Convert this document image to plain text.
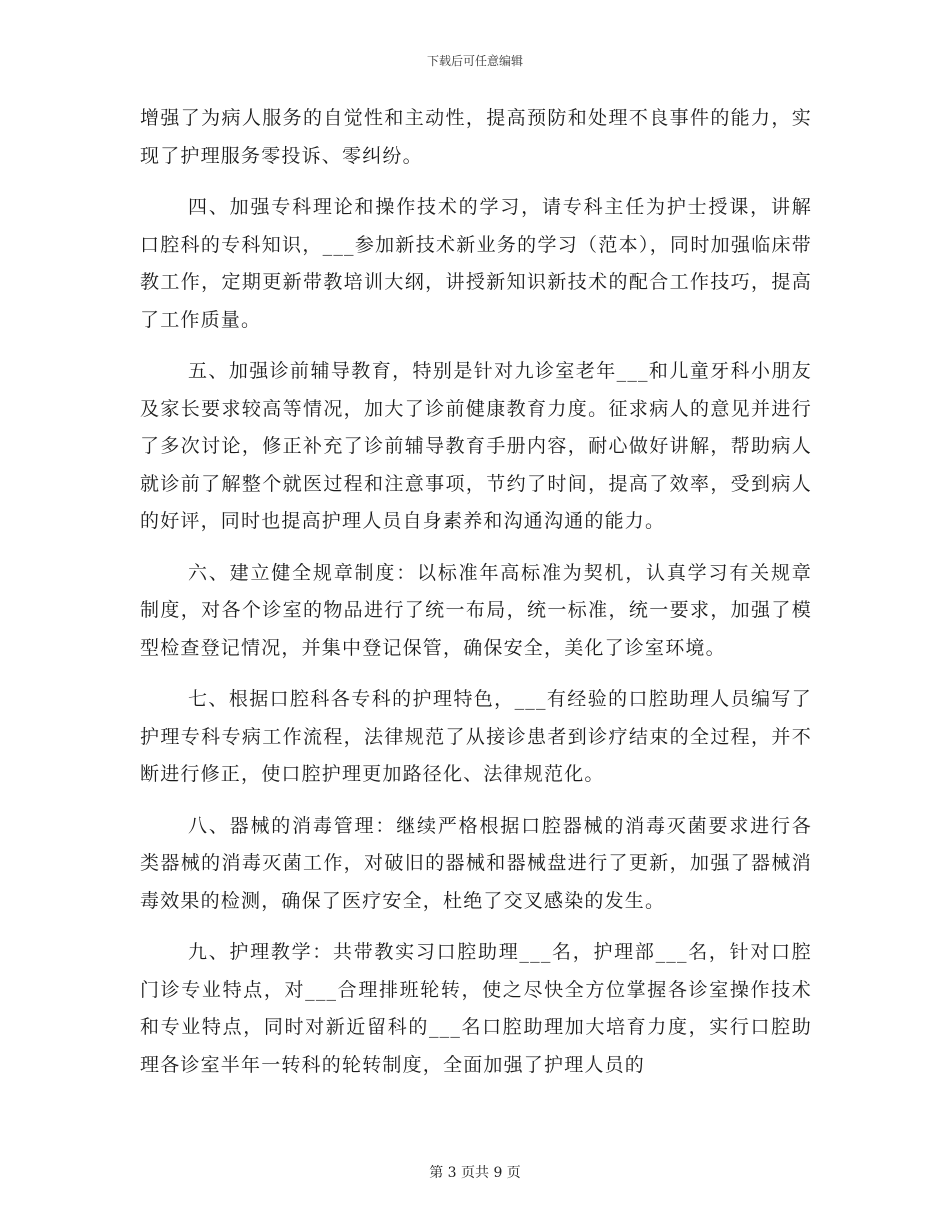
下载后可任意编辑

增强了为病人服务的自觉性和主动性，提高预防和处理不良事件的能力，实现了护理服务零投诉、零纠纷。

四、加强专科理论和操作技术的学习，请专科主任为护士授课，讲解口腔科的专科知识，___参加新技术新业务的学习（范本），同时加强临床带教工作，定期更新带教培训大纲，讲授新知识新技术的配合工作技巧，提高了工作质量。

五、加强诊前辅导教育，特别是针对九诊室老年___和儿童牙科小朋友及家长要求较高等情况，加大了诊前健康教育力度。征求病人的意见并进行了多次讨论，修正补充了诊前辅导教育手册内容，耐心做好讲解，帮助病人就诊前了解整个就医过程和注意事项，节约了时间，提高了效率，受到病人的好评，同时也提高护理人员自身素养和沟通沟通的能力。

六、建立健全规章制度：以标准年高标准为契机，认真学习有关规章制度，对各个诊室的物品进行了统一布局，统一标准，统一要求，加强了模型检查登记情况，并集中登记保管，确保安全，美化了诊室环境。

七、根据口腔科各专科的护理特色，___有经验的口腔助理人员编写了护理专科专病工作流程，法律规范了从接诊患者到诊疗结束的全过程，并不断进行修正，使口腔护理更加路径化、法律规范化。

八、器械的消毒管理：继续严格根据口腔器械的消毒灭菌要求进行各类器械的消毒灭菌工作，对破旧的器械和器械盘进行了更新，加强了器械消毒效果的检测，确保了医疗安全，杜绝了交叉感染的发生。

九、护理教学：共带教实习口腔助理___名，护理部___名，针对口腔门诊专业特点，对___合理排班轮转，使之尽快全方位掌握各诊室操作技术和专业特点，同时对新近留科的___名口腔助理加大培育力度，实行口腔助理各诊室半年一转科的轮转制度，全面加强了护理人员的

第 3 页共 9 页
